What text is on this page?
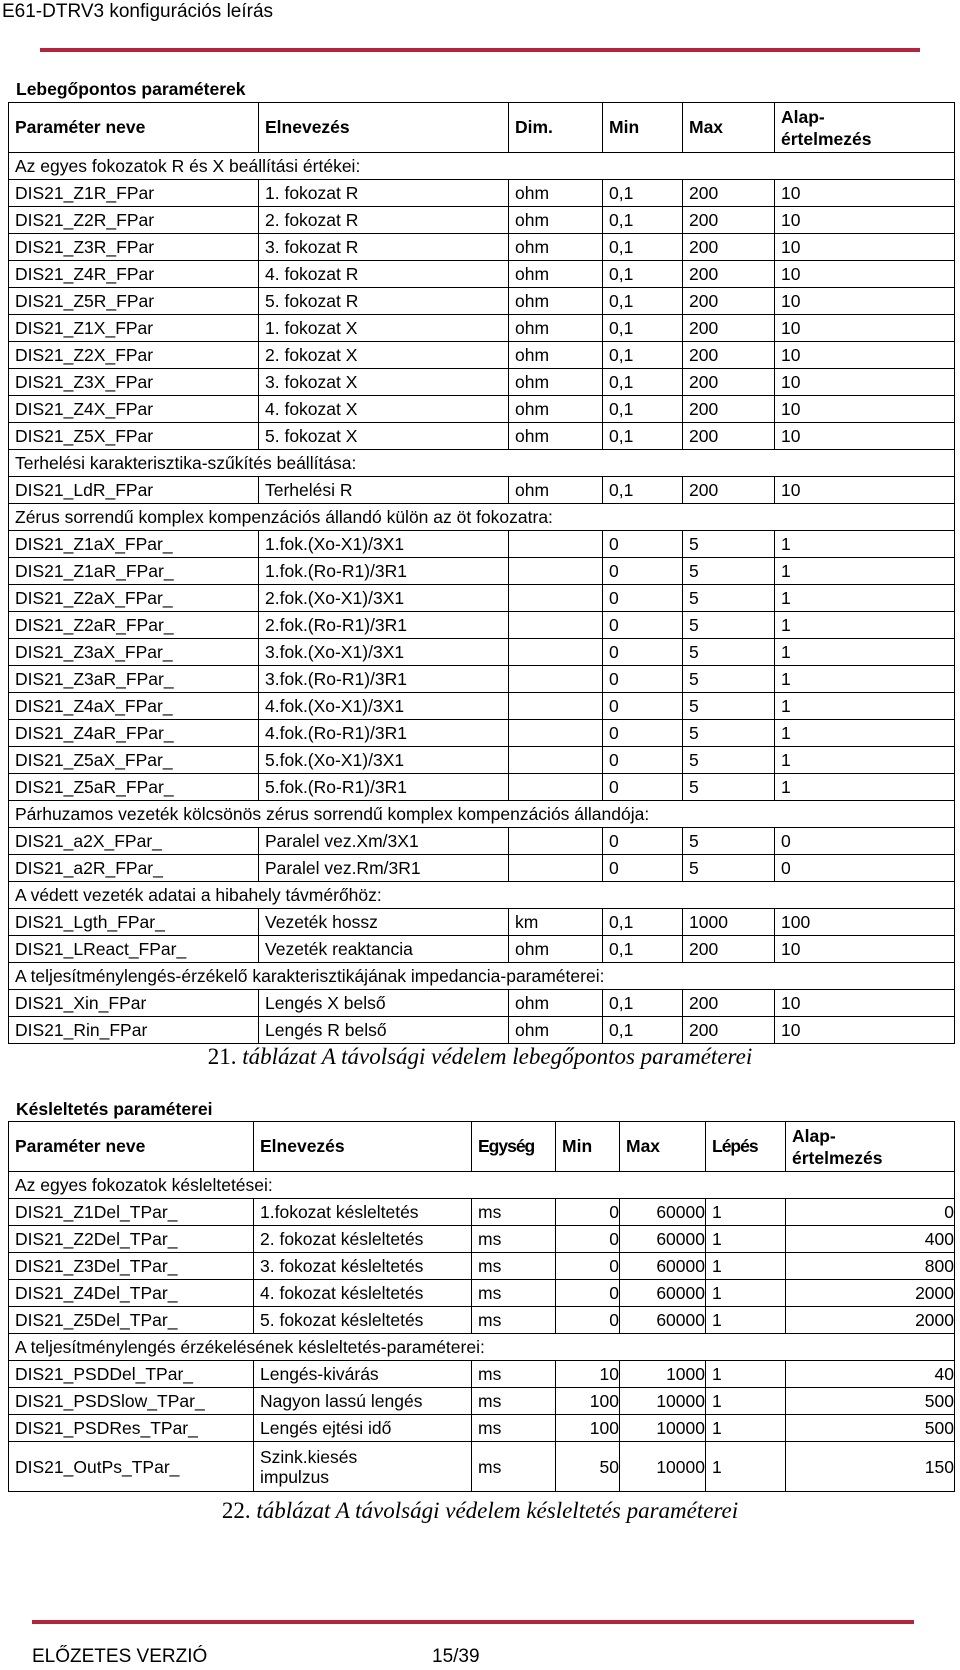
E61-DTRV3 konfigurációs leírás
Lebegőpontos paraméterek
Paraméter neve	Elnevezés	Dim.	Min	Max	Alap-
értelmezés
Az egyes fokozatok R és X beállítási értékei:					
DIS21_Z1R_FPar	1. fokozat R	ohm	0,1	200	10
DIS21_Z2R_FPar	2. fokozat R	ohm	0,1	200	10
DIS21_Z3R_FPar	3. fokozat R	ohm	0,1	200	10
DIS21_Z4R_FPar	4. fokozat R	ohm	0,1	200	10
DIS21_Z5R_FPar	5. fokozat R	ohm	0,1	200	10
DIS21_Z1X_FPar	1. fokozat X	ohm	0,1	200	10
DIS21_Z2X_FPar	2. fokozat X	ohm	0,1	200	10
DIS21_Z3X_FPar	3. fokozat X	ohm	0,1	200	10
DIS21_Z4X_FPar	4. fokozat X	ohm	0,1	200	10
DIS21_Z5X_FPar	5. fokozat X	ohm	0,1	200	10
Terhelési karakterisztika-szűkítés beállítása:					
DIS21_LdR_FPar	Terhelési R	ohm	0,1	200	10
Zérus sorrendű komplex kompenzációs állandó külön az öt fokozatra:					
DIS21_Z1aX_FPar_	1.fok.(Xo-X1)/3X1		0	5	1
DIS21_Z1aR_FPar_	1.fok.(Ro-R1)/3R1		0	5	1
DIS21_Z2aX_FPar_	2.fok.(Xo-X1)/3X1		0	5	1
DIS21_Z2aR_FPar_	2.fok.(Ro-R1)/3R1		0	5	1
DIS21_Z3aX_FPar_	3.fok.(Xo-X1)/3X1		0	5	1
DIS21_Z3aR_FPar_	3.fok.(Ro-R1)/3R1		0	5	1
DIS21_Z4aX_FPar_	4.fok.(Xo-X1)/3X1		0	5	1
DIS21_Z4aR_FPar_	4.fok.(Ro-R1)/3R1		0	5	1
DIS21_Z5aX_FPar_	5.fok.(Xo-X1)/3X1		0	5	1
DIS21_Z5aR_FPar_	5.fok.(Ro-R1)/3R1		0	5	1
Párhuzamos vezeték kölcsönös zérus sorrendű komplex kompenzációs állandója:					
DIS21_a2X_FPar_	Paralel vez.Xm/3X1		0	5	0
DIS21_a2R_FPar_	Paralel vez.Rm/3R1		0	5	0
A védett vezeték adatai a hibahely távmérőhöz:					
DIS21_Lgth_FPar_	Vezeték hossz	km	0,1	1000	100
DIS21_LReact_FPar_	Vezeték reaktancia	ohm	0,1	200	10
A teljesítménylengés-érzékelő karakterisztikájának impedancia-paraméterei:					
DIS21_Xin_FPar	Lengés X belső	ohm	0,1	200	10
DIS21_Rin_FPar	Lengés R belső	ohm	0,1	200	10
21. táblázat A távolsági védelem lebegőpontos paraméterei
Késleltetés paraméterei
Paraméter neve	Elnevezés	Egység	Min	Max	Lépés	Alap-
értelmezés
Az egyes fokozatok késleltetései:						
DIS21_Z1Del_TPar_	1.fokozat késleltetés	ms	0	60000	1	0
DIS21_Z2Del_TPar_	2. fokozat késleltetés	ms	0	60000	1	400
DIS21_Z3Del_TPar_	3. fokozat késleltetés	ms	0	60000	1	800
DIS21_Z4Del_TPar_	4. fokozat késleltetés	ms	0	60000	1	2000
DIS21_Z5Del_TPar_	5. fokozat késleltetés	ms	0	60000	1	2000
A teljesítménylengés érzékelésének késleltetés-paraméterei:						
DIS21_PSDDel_TPar_	Lengés-kivárás	ms	10	1000	1	40
DIS21_PSDSlow_TPar_	Nagyon lassú lengés	ms	100	10000	1	500
DIS21_PSDRes_TPar_	Lengés ejtési idő	ms	100	10000	1	500
DIS21_OutPs_TPar_	Szink.kiesés
impulzus	ms	50	10000	1	150
22. táblázat A távolsági védelem késleltetés paraméterei
ELŐZETES VERZIÓ	15/39
